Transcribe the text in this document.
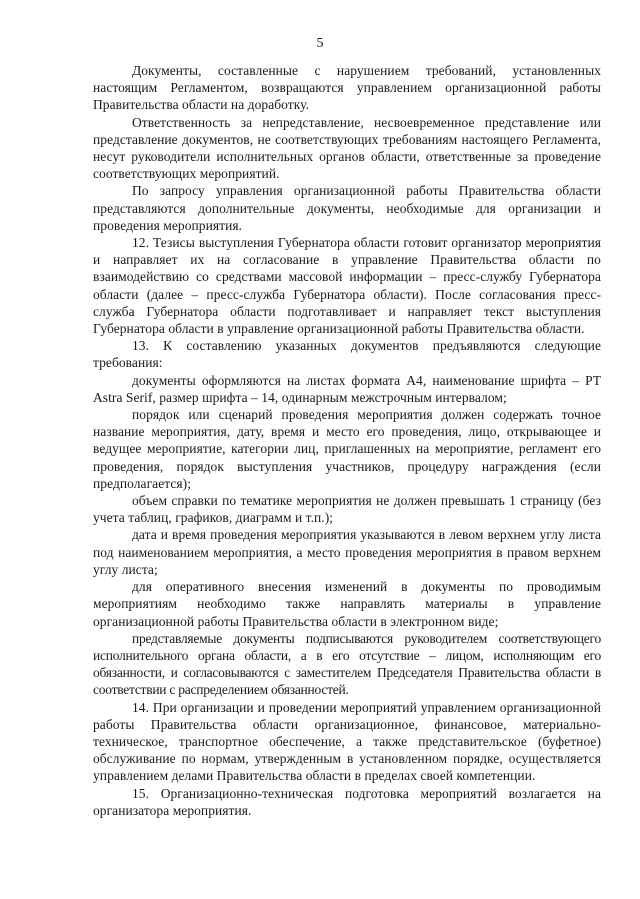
5

Документы, составленные с нарушением требований, установленных настоящим Регламентом, возвращаются управлением организационной работы Правительства области на доработку.

Ответственность за непредставление, несвоевременное представление или представление документов, не соответствующих требованиям настоящего Регламента, несут руководители исполнительных органов области, ответственные за проведение соответствующих мероприятий.

По запросу управления организационной работы Правительства области представляются дополнительные документы, необходимые для организации и проведения мероприятия.

12. Тезисы выступления Губернатора области готовит организатор мероприятия и направляет их на согласование в управление Правительства области по взаимодействию со средствами массовой информации – пресс-службу Губернатора области (далее – пресс-служба Губернатора области). После согласования пресс-служба Губернатора области подготавливает и направляет текст выступления Губернатора области в управление организационной работы Правительства области.

13. К составлению указанных документов предъявляются следующие требования:

документы оформляются на листах формата А4, наименование шрифта – PT Astra Serif, размер шрифта – 14, одинарным межстрочным интервалом;

порядок или сценарий проведения мероприятия должен содержать точное название мероприятия, дату, время и место его проведения, лицо, открывающее и ведущее мероприятие, категории лиц, приглашенных на мероприятие, регламент его проведения, порядок выступления участников, процедуру награждения (если предполагается);

объем справки по тематике мероприятия не должен превышать 1 страницу (без учета таблиц, графиков, диаграмм и т.п.);

дата и время проведения мероприятия указываются в левом верхнем углу листа под наименованием мероприятия, а место проведения мероприятия в правом верхнем углу листа;

для оперативного внесения изменений в документы по проводимым мероприятиям необходимо также направлять материалы в управление организационной работы Правительства области в электронном виде;

представляемые документы подписываются руководителем соответствующего исполнительного органа области, а в его отсутствие – лицом, исполняющим его обязанности, и согласовываются с заместителем Председателя Правительства области в соответствии с распределением обязанностей.

14. При организации и проведении мероприятий управлением организационной работы Правительства области организационное, финансовое, материально-техническое, транспортное обеспечение, а также представительское (буфетное) обслуживание по нормам, утвержденным в установленном порядке, осуществляется управлением делами Правительства области в пределах своей компетенции.

15. Организационно-техническая подготовка мероприятий возлагается на организатора мероприятия.
